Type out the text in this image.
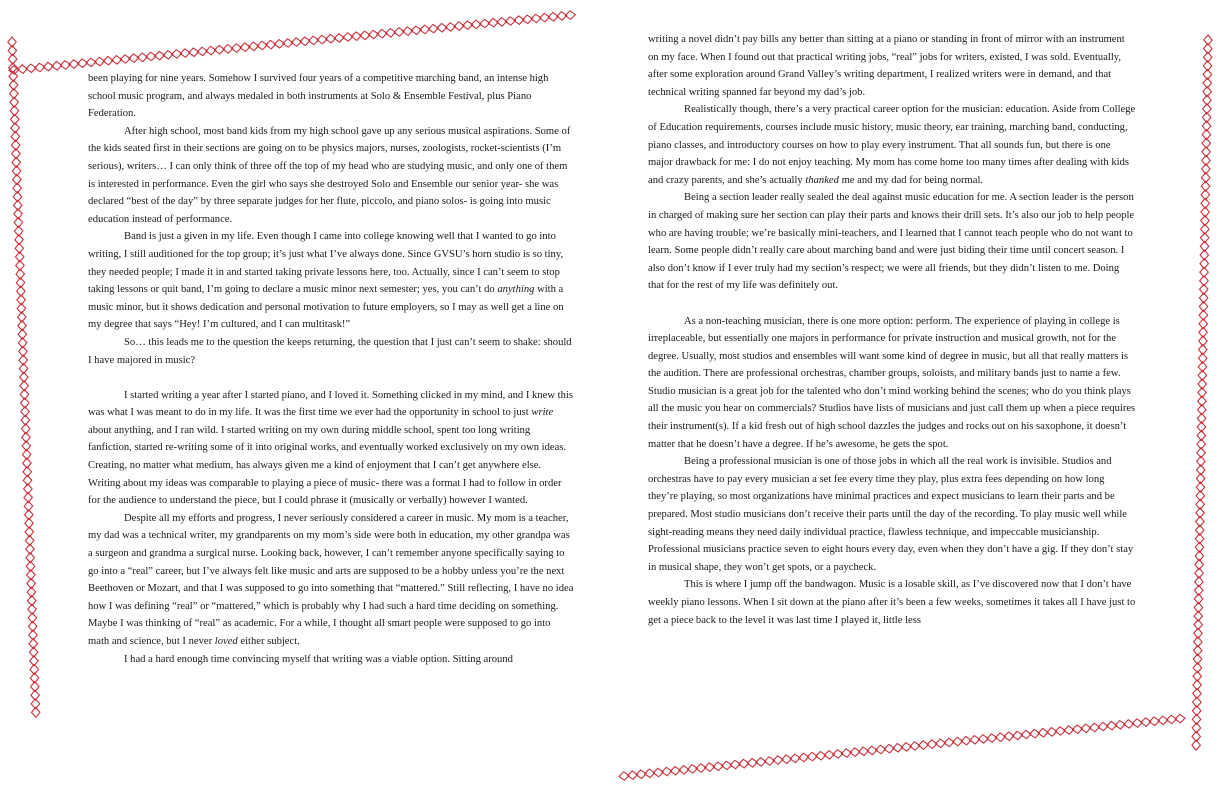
been playing for nine years. Somehow I survived four years of a competitive marching band, an intense high school music program, and always medaled in both instruments at Solo & Ensemble Festival, plus Piano Federation.

After high school, most band kids from my high school gave up any serious musical aspirations. Some of the kids seated first in their sections are going on to be physics majors, nurses, zoologists, rocket-scientists (I’m serious), writers… I can only think of three off the top of my head who are studying music, and only one of them is interested in performance. Even the girl who says she destroyed Solo and Ensemble our senior year- she was declared “best of the day” by three separate judges for her flute, piccolo, and piano solos- is going into music education instead of performance.

Band is just a given in my life. Even though I came into college knowing well that I wanted to go into writing, I still auditioned for the top group; it’s just what I’ve always done. Since GVSU’s horn studio is so tiny, they needed people; I made it in and started taking private lessons here, too. Actually, since I can’t seem to stop taking lessons or quit band, I’m going to declare a music minor next semester; yes, you can’t do anything with a music minor, but it shows dedication and personal motivation to future employers, so I may as well get a line on my degree that says “Hey! I’m cultured, and I can multitask!”

So… this leads me to the question the keeps returning, the question that I just can’t seem to shake: should I have majored in music?

I started writing a year after I started piano, and I loved it. Something clicked in my mind, and I knew this was what I was meant to do in my life. It was the first time we ever had the opportunity in school to just write about anything, and I ran wild. I started writing on my own during middle school, spent too long writing fanfiction, started re-writing some of it into original works, and eventually worked exclusively on my own ideas. Creating, no matter what medium, has always given me a kind of enjoyment that I can’t get anywhere else. Writing about my ideas was comparable to playing a piece of music- there was a format I had to follow in order for the audience to understand the piece, but I could phrase it (musically or verbally) however I wanted.

Despite all my efforts and progress, I never seriously considered a career in music. My mom is a teacher, my dad was a technical writer, my grandparents on my mom’s side were both in education, my other grandpa was a surgeon and grandma a surgical nurse. Looking back, however, I can’t remember anyone specifically saying to go into a “real” career, but I’ve always felt like music and arts are supposed to be a hobby unless you’re the next Beethoven or Mozart, and that I was supposed to go into something that “mattered.” Still reflecting, I have no idea how I was defining “real” or “mattered,” which is probably why I had such a hard time deciding on something. Maybe I was thinking of “real” as academic. For a while, I thought all smart people were supposed to go into math and science, but I never loved either subject.

I had a hard enough time convincing myself that writing was a viable option. Sitting around

writing a novel didn’t pay bills any better than sitting at a piano or standing in front of mirror with an instrument on my face. When I found out that practical writing jobs, “real” jobs for writers, existed, I was sold. Eventually, after some exploration around Grand Valley’s writing department, I realized writers were in demand, and that technical writing spanned far beyond my dad’s job.

Realistically though, there’s a very practical career option for the musician: education. Aside from College of Education requirements, courses include music history, music theory, ear training, marching band, conducting, piano classes, and introductory courses on how to play every instrument. That all sounds fun, but there is one major drawback for me: I do not enjoy teaching. My mom has come home too many times after dealing with kids and crazy parents, and she’s actually thanked me and my dad for being normal.

Being a section leader really sealed the deal against music education for me. A section leader is the person in charged of making sure her section can play their parts and knows their drill sets. It’s also our job to help people who are having trouble; we’re basically mini-teachers, and I learned that I cannot teach people who do not want to learn. Some people didn’t really care about marching band and were just biding their time until concert season. I also don’t know if I ever truly had my section’s respect; we were all friends, but they didn’t listen to me. Doing that for the rest of my life was definitely out.

As a non-teaching musician, there is one more option: perform. The experience of playing in college is irreplaceable, but essentially one majors in performance for private instruction and musical growth, not for the degree. Usually, most studios and ensembles will want some kind of degree in music, but all that really matters is the audition. There are professional orchestras, chamber groups, soloists, and military bands just to name a few. Studio musician is a great job for the talented who don’t mind working behind the scenes; who do you think plays all the music you hear on commercials? Studios have lists of musicians and just call them up when a piece requires their instrument(s). If a kid fresh out of high school dazzles the judges and rocks out on his saxophone, it doesn’t matter that he doesn’t have a degree. If he’s awesome, he gets the spot.

Being a professional musician is one of those jobs in which all the real work is invisible. Studios and orchestras have to pay every musician a set fee every time they play, plus extra fees depending on how long they’re playing, so most organizations have minimal practices and expect musicians to learn their parts and be prepared. Most studio musicians don’t receive their parts until the day of the recording. To play music well while sight-reading means they need daily individual practice, flawless technique, and impeccable musicianship. Professional musicians practice seven to eight hours every day, even when they don’t have a gig. If they don’t stay in musical shape, they won’t get spots, or a paycheck.

This is where I jump off the bandwagon. Music is a losable skill, as I’ve discovered now that I don’t have weekly piano lessons. When I sit down at the piano after it’s been a few weeks, sometimes it takes all I have just to get a piece back to the level it was last time I played it, little less
